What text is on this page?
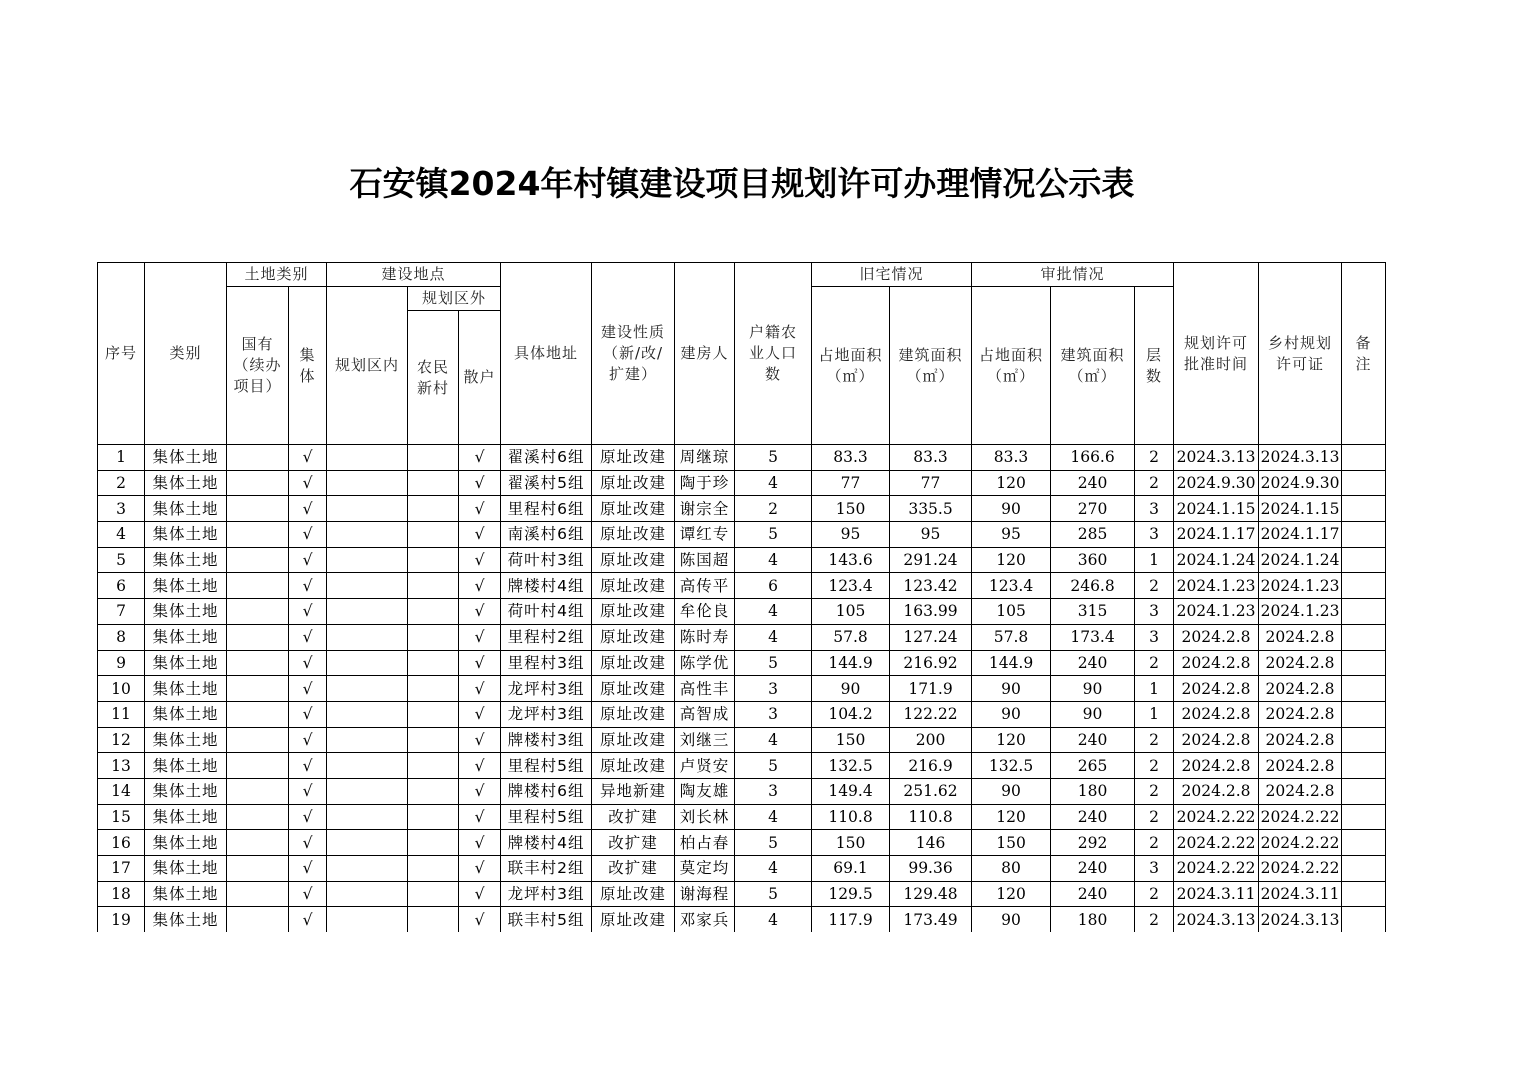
石安镇2024年村镇建设项目规划许可办理情况公示表
序号	类别	土地类别		建设地点			具体地址	建设性质（新/改/扩建）	建房人	户籍农业人口数	旧宅情况		审批情况			规划许可批准时间	乡村规划许可证	备注
		国有（续办项目）	集体	规划区内	规划区外						占地面积（㎡）	建筑面积（㎡）	占地面积（㎡）	建筑面积（㎡）	层数			
					农民新村	散户												
1	集体土地		√			√	翟溪村6组	原址改建	周继琼	5	83.3	83.3	83.3	166.6	2	2024.3.13	2024.3.13	
2	集体土地		√			√	翟溪村5组	原址改建	陶于珍	4	77	77	120	240	2	2024.9.30	2024.9.30	
3	集体土地		√			√	里程村6组	原址改建	谢宗全	2	150	335.5	90	270	3	2024.1.15	2024.1.15	
4	集体土地		√			√	南溪村6组	原址改建	谭红专	5	95	95	95	285	3	2024.1.17	2024.1.17	
5	集体土地		√			√	荷叶村3组	原址改建	陈国超	4	143.6	291.24	120	360	1	2024.1.24	2024.1.24	
6	集体土地		√			√	牌楼村4组	原址改建	高传平	6	123.4	123.42	123.4	246.8	2	2024.1.23	2024.1.23	
7	集体土地		√			√	荷叶村4组	原址改建	牟伦良	4	105	163.99	105	315	3	2024.1.23	2024.1.23	
8	集体土地		√			√	里程村2组	原址改建	陈时寿	4	57.8	127.24	57.8	173.4	3	2024.2.8	2024.2.8	
9	集体土地		√			√	里程村3组	原址改建	陈学优	5	144.9	216.92	144.9	240	2	2024.2.8	2024.2.8	
10	集体土地		√			√	龙坪村3组	原址改建	高性丰	3	90	171.9	90	90	1	2024.2.8	2024.2.8	
11	集体土地		√			√	龙坪村3组	原址改建	高智成	3	104.2	122.22	90	90	1	2024.2.8	2024.2.8	
12	集体土地		√			√	牌楼村3组	原址改建	刘继三	4	150	200	120	240	2	2024.2.8	2024.2.8	
13	集体土地		√			√	里程村5组	原址改建	卢贤安	5	132.5	216.9	132.5	265	2	2024.2.8	2024.2.8	
14	集体土地		√			√	牌楼村6组	异地新建	陶友雄	3	149.4	251.62	90	180	2	2024.2.8	2024.2.8	
15	集体土地		√			√	里程村5组	改扩建	刘长林	4	110.8	110.8	120	240	2	2024.2.22	2024.2.22	
16	集体土地		√			√	牌楼村4组	改扩建	柏占春	5	150	146	150	292	2	2024.2.22	2024.2.22	
17	集体土地		√			√	联丰村2组	改扩建	莫定均	4	69.1	99.36	80	240	3	2024.2.22	2024.2.22	
18	集体土地		√			√	龙坪村3组	原址改建	谢海程	5	129.5	129.48	120	240	2	2024.3.11	2024.3.11	
19	集体土地		√			√	联丰村5组	原址改建	邓家兵	4	117.9	173.49	90	180	2	2024.3.13	2024.3.13	
